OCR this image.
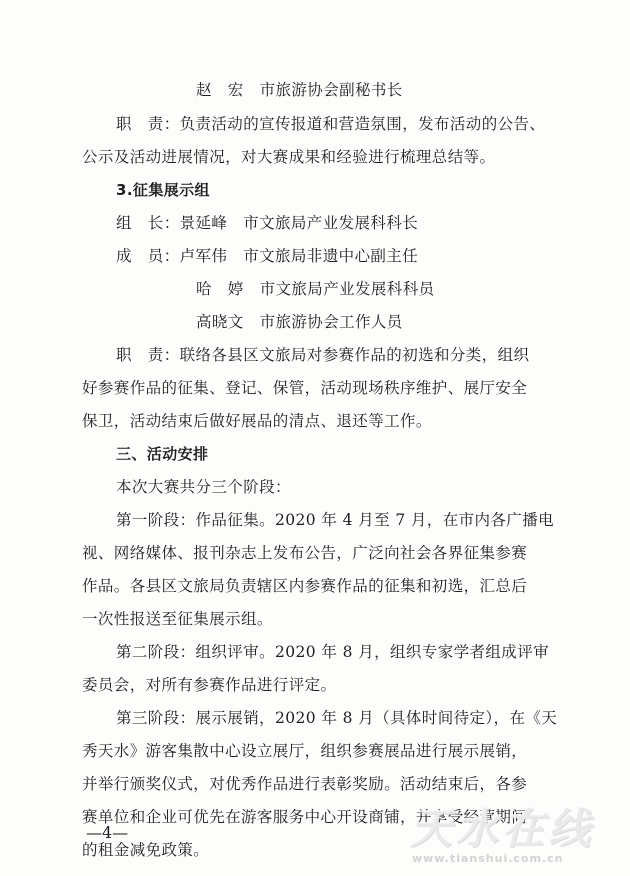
赵　宏　市旅游协会副秘书长
职　责：负责活动的宣传报道和营造氛围，发布活动的公告、
公示及活动进展情况，对大赛成果和经验进行梳理总结等。
3.征集展示组
组　长：景延峰　市文旅局产业发展科科长
成　员：卢军伟　市文旅局非遗中心副主任
哈　婷　市文旅局产业发展科科员
高晓文　市旅游协会工作人员
职　责：联络各县区文旅局对参赛作品的初选和分类，组织
好参赛作品的征集、登记、保管，活动现场秩序维护、展厅安全
保卫，活动结束后做好展品的清点、退还等工作。
三、活动安排
本次大赛共分三个阶段：
第一阶段：作品征集。2020 年 4 月至 7 月，在市内各广播电
视、网络媒体、报刊杂志上发布公告，广泛向社会各界征集参赛
作品。各县区文旅局负责辖区内参赛作品的征集和初选，汇总后
一次性报送至征集展示组。
第二阶段：组织评审。2020 年 8 月，组织专家学者组成评审
委员会，对所有参赛作品进行评定。
第三阶段：展示展销，2020 年 8 月（具体时间待定），在《天
秀天水》游客集散中心设立展厅，组织参赛展品进行展示展销，
并举行颁奖仪式，对优秀作品进行表彰奖励。活动结束后，各参
赛单位和企业可优先在游客服务中心开设商铺，并享受经营期间
的租金减免政策。
—4—	天水在线
www.tianshui.com.cn
